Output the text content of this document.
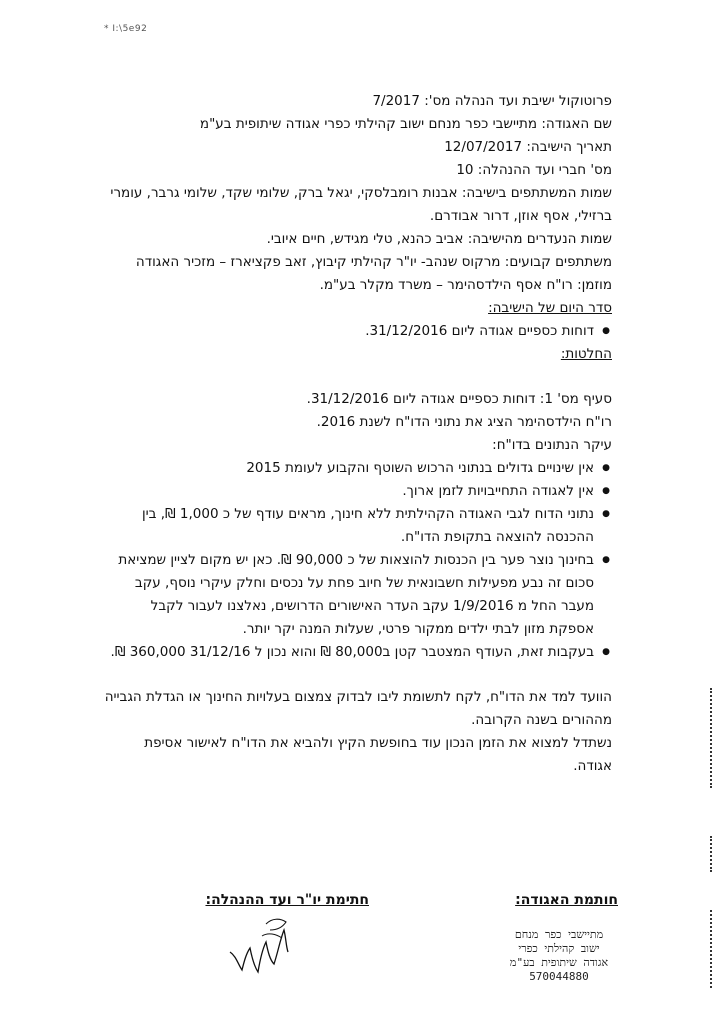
* I:\5e92

פרוטוקול ישיבת ועד הנהלה מס': 7/2017

שם האגודה: מתיישבי כפר מנחם ישוב קהילתי כפרי אגודה שיתופית בע"מ

תאריך הישיבה: 12/07/2017

מס' חברי ועד ההנהלה: 10

שמות המשתתפים בישיבה: אבנות רומבלסקי, יגאל ברק, שלומי שקד, שלומי גרבר, עומרי ברזילי, אסף אוזן, דרור אבודרם.

שמות הנעדרים מהישיבה: אביב כהנא, טלי מגידש, חיים איובי.

משתתפים קבועים: מרקוס שנהב- יו"ר קהילתי קיבוץ, זאב פקציארז – מזכיר האגודה

מוזמן: רו"ח אסף הילדסהימר – משרד מקלר בע"מ.

סדר היום של הישיבה:

● דוחות כספיים אגודה ליום 31/12/2016.

החלטות:

סעיף מס' 1: דוחות כספיים אגודה ליום 31/12/2016.

רו"ח הילדסהימר הציג את נתוני הדו"ח לשנת 2016.

עיקר הנתונים בדו"ח:

● אין שינויים גדולים בנתוני הרכוש השוטף והקבוע לעומת 2015
● אין לאגודה התחייבויות לזמן ארוך.
● נתוני הדוח לגבי האגודה הקהילתית ללא חינוך, מראים עודף של כ 1,000 ₪, בין ההכנסה להוצאה בתקופת הדו"ח.
● בחינוך נוצר פער בין הכנסות להוצאות של כ 90,000 ₪. כאן יש מקום לציין שמציאת סכום זה נבע מפעילות חשבונאית של חיוב פחת על נכסים וחלק עיקרי נוסף, עקב מעבר החל מ 1/9/2016 עקב העדר האישורים הדרושים, נאלצנו לעבור לקבל אספקת מזון לבתי ילדים ממקור פרטי, שעלות המנה יקר יותר.
● בעקבות זאת, העודף המצטבר קטן ב80,000 ₪ והוא נכון ל 31/12/16 360,000 ₪.

הוועד למד את הדו"ח, לקח לתשומת ליבו לבדוק צמצום בעלויות החינוך או הגדלת הגבייה מההורים בשנה הקרובה.

נשתדל למצוא את הזמן הנכון עוד בחופשת הקיץ ולהביא את הדו"ח לאישור אסיפת אגודה.

חותמת האגודה:
חתימת יו"ר ועד ההנהלה:
מתיישבי כפר מנחם
ישוב קהילתי כפרי
אגודה שיתופית בע"מ
570044880
